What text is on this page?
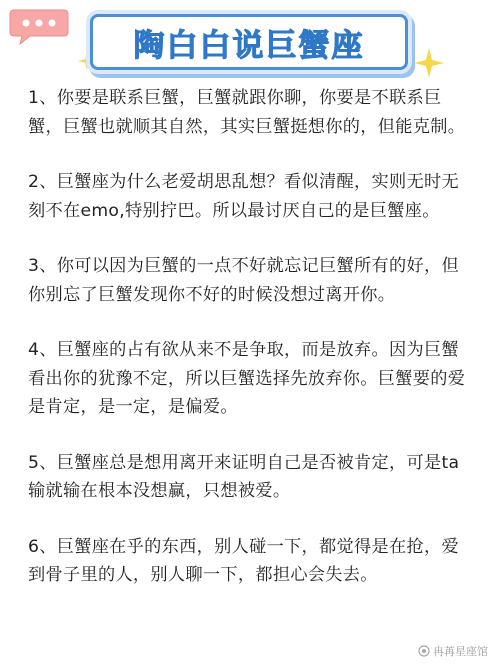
陶白白说巨蟹座

1、你要是联系巨蟹，巨蟹就跟你聊，你要是不联系巨蟹，巨蟹也就顺其自然，其实巨蟹挺想你的，但能克制。

2、巨蟹座为什么老爱胡思乱想？看似清醒，实则无时无刻不在emo,特别拧巴。所以最讨厌自己的是巨蟹座。

3、你可以因为巨蟹的一点不好就忘记巨蟹所有的好，但你别忘了巨蟹发现你不好的时候没想过离开你。

4、巨蟹座的占有欲从来不是争取，而是放弃。因为巨蟹看出你的犹豫不定，所以巨蟹选择先放弃你。巨蟹要的爱是肯定，是一定，是偏爱。

5、巨蟹座总是想用离开来证明自己是否被肯定，可是ta输就输在根本没想赢，只想被爱。

6、巨蟹座在乎的东西，别人碰一下，都觉得是在抢，爱到骨子里的人，别人聊一下，都担心会失去。

冉苒星座馆
